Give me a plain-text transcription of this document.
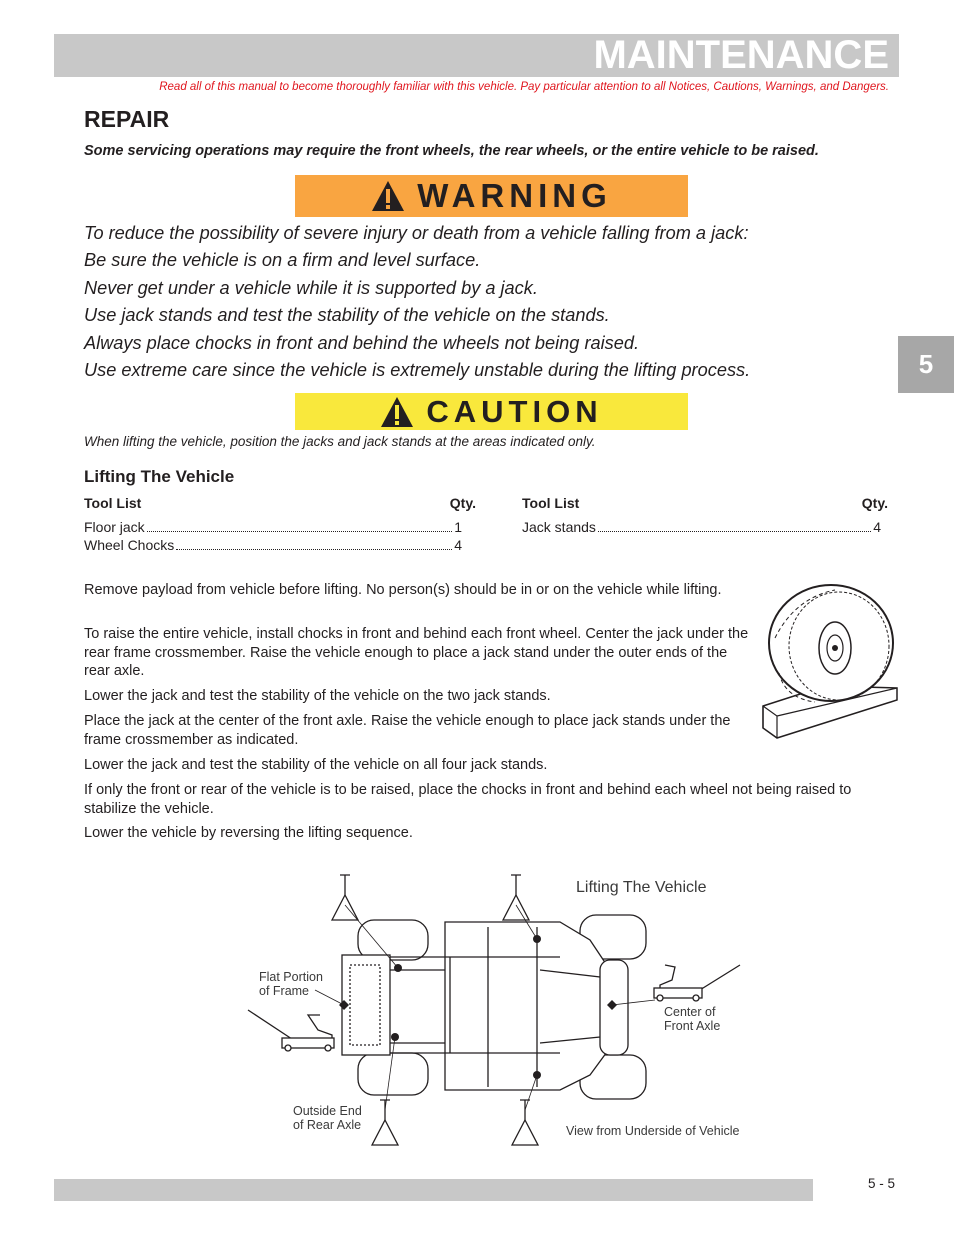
MAINTENANCE
Read all of this manual to become thoroughly familiar with this vehicle. Pay particular attention to all Notices, Cautions, Warnings, and Dangers.
REPAIR
Some servicing operations may require the front wheels, the rear wheels, or the entire vehicle to be raised.
WARNING
To reduce the possibility of severe injury or death from a vehicle falling from a jack:
Be sure the vehicle is on a firm and level surface.
Never get under a vehicle while it is supported by a jack.
Use jack stands and test the stability of the vehicle on the stands.
Always place chocks in front and behind the wheels not being raised.
Use extreme care since the vehicle is extremely unstable during the lifting process.
CAUTION
When lifting the vehicle, position the jacks and jack stands at the areas indicated only.
Lifting The Vehicle
Tool List	Qty.
Floor jack	1
Wheel Chocks	4
Tool List	Qty.
Jack stands	4
Remove payload from vehicle before lifting. No person(s) should be in or on the vehicle while lifting.
To raise the entire vehicle, install chocks in front and behind each front wheel. Center the jack under the rear frame crossmember. Raise the vehicle enough to place a jack stand under the outer ends of the rear axle.
Lower the jack and test the stability of the vehicle on the two jack stands.
Place the jack at the center of the front axle. Raise the vehicle enough to place jack stands under the frame crossmember as indicated.
Lower the jack and test the stability of the vehicle on all four jack stands.
If only the front or rear of the vehicle is to be raised, place the chocks in front and behind each wheel not being raised to stabilize the vehicle.
Lower the vehicle by reversing the lifting sequence.
Lifting The Vehicle
Flat Portion
of Frame
Center of
Front Axle
Outside End
of Rear Axle	View from Underside of Vehicle
5
5 - 5
